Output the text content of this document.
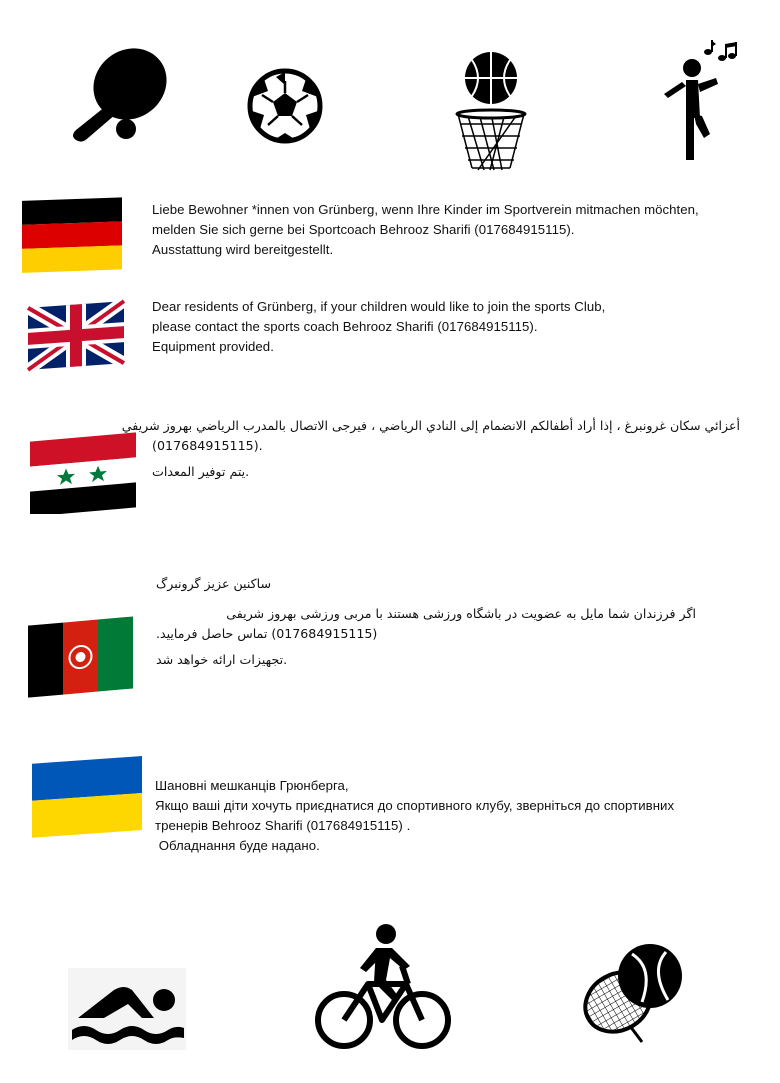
Liebe Bewohner *innen von Grünberg, wenn Ihre Kinder im Sportverein mitmachen möchten,
melden Sie sich gerne bei Sportcoach Behrooz Sharifi (017684915115).
Ausstattung wird bereitgestellt.
Dear residents of Grünberg, if your children would like to join the sports Club,
please contact the sports coach Behrooz Sharifi (017684915115).
Equipment provided.
أعزائي سكان غرونبرغ ، إذا أراد أطفالكم الانضمام إلى النادي الرياضي ، فيرجى الاتصال بالمدرب الرياضي بهروز شريفي
(017684915115).
.يتم توفير المعدات
ساکنین عزیز گرونبرگ
اگر فرزندان شما مایل به عضویت در باشگاه ورزشی هستند با مربی ورزشی بهروز شریفی
(017684915115) تماس حاصل فرمایید.
.تجهیزات ارائه خواهد شد
Шановні мешканців Грюнберга,
Якщо ваші діти хочуть приєднатися до спортивного клубу, зверніться до спортивних
тренерів Behrooz Sharifi (017684915115) .
Обладнання буде надано.
